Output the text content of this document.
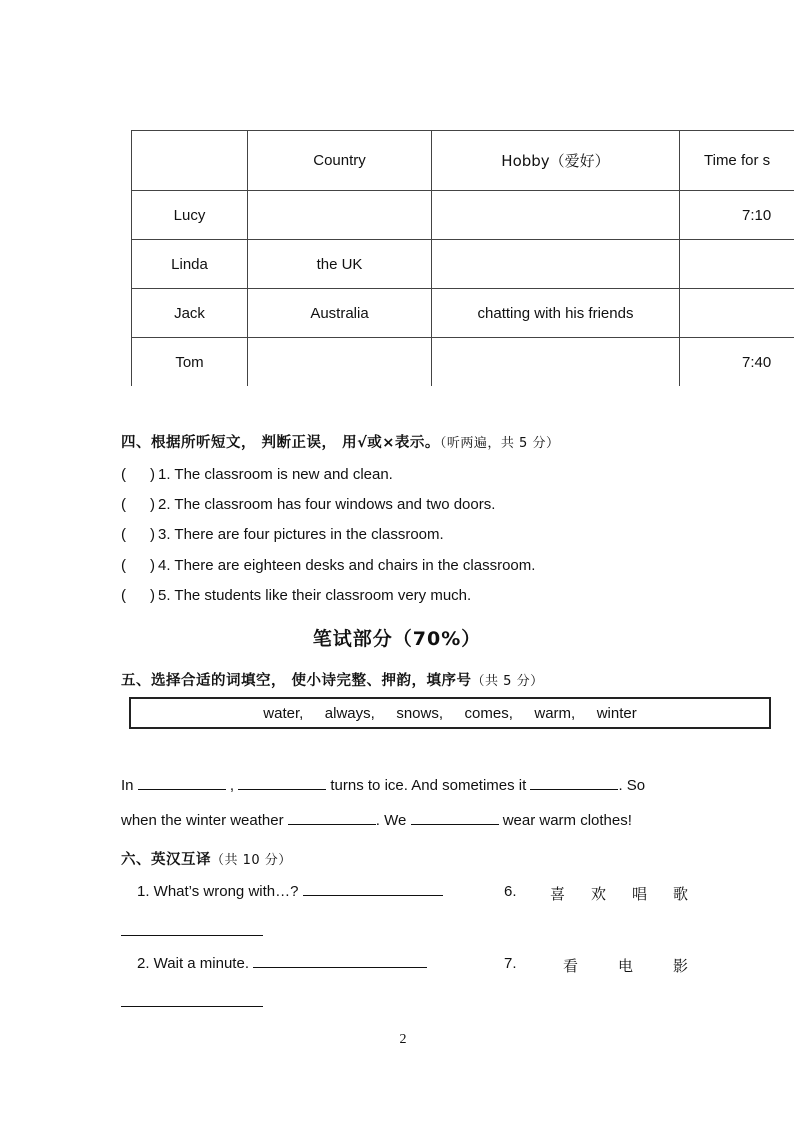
	Country	Hobby（爱好）	Time for s
Lucy			7:10
Linda	the UK		
Jack	Australia	chatting with his friends	
Tom			7:40
四、根据所听短文， 判断正误， 用√或×表示。（听两遍，共 5 分）
( ) 1. The classroom is new and clean.
( ) 2. The classroom has four windows and two doors.
( ) 3. There are four pictures in the classroom.
( ) 4. There are eighteen desks and chairs in the classroom.
( ) 5. The students like their classroom very much.
笔试部分（70%）
五、选择合适的词填空， 使小诗完整、押韵，填序号（共 5 分）
water,   always,   snows,   comes,   warm,   winter
In	,	turns to ice. And sometimes it	. So
when the winter weather	. We	wear warm clothes!
六、英汉互译（共 10 分）
1. What’s wrong with…?	6. 喜 欢 唱 歌
2. Wait a minute.	7.	看	电	影
2
